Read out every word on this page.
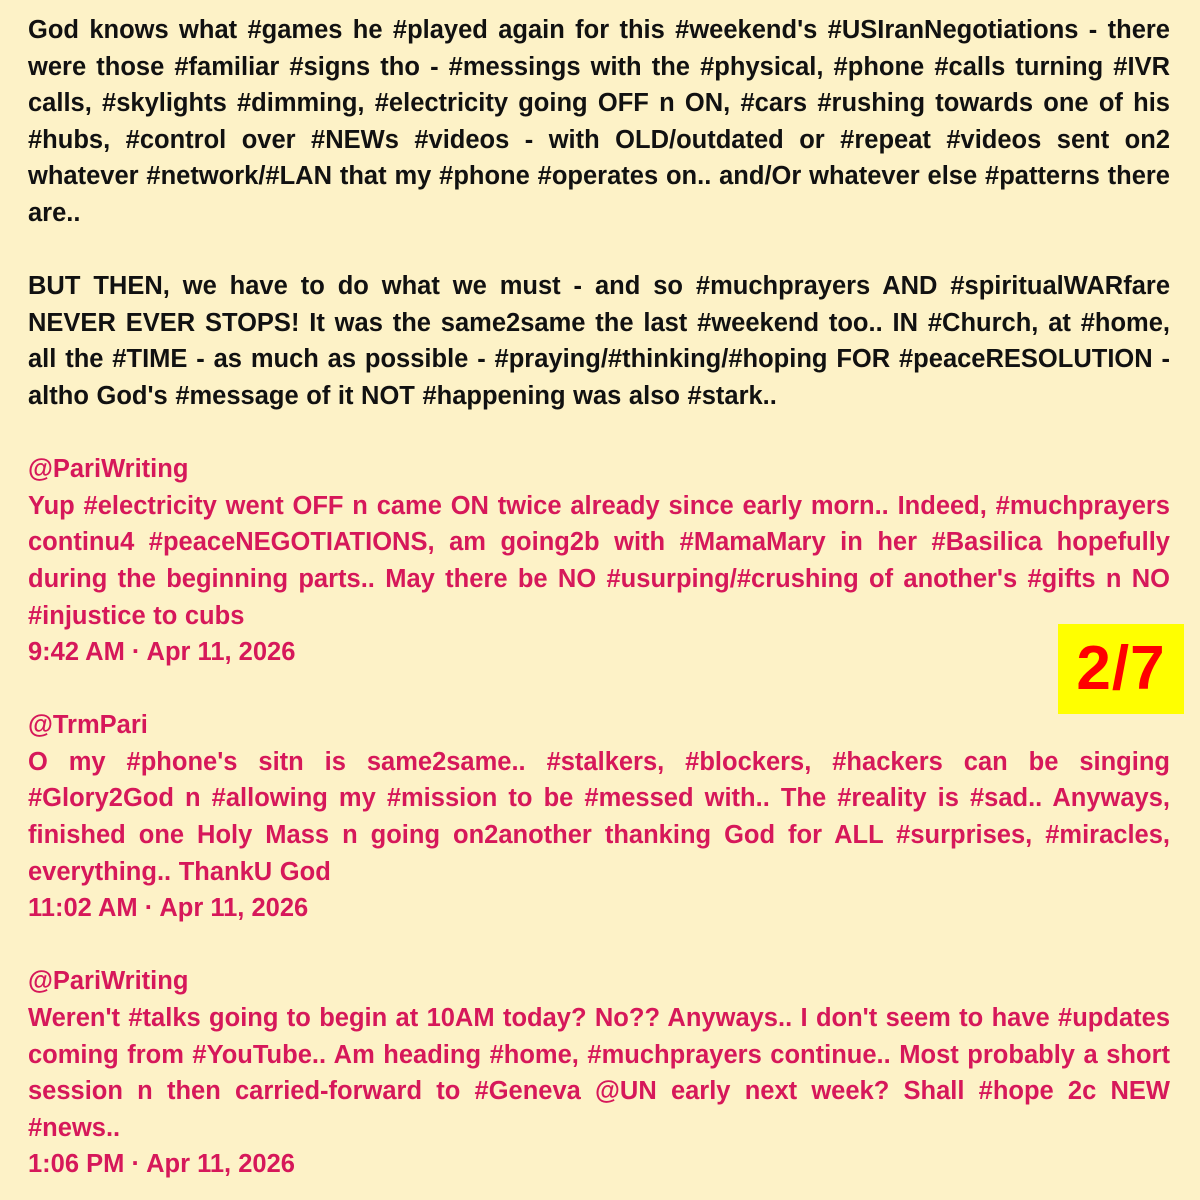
God knows what #games he #played again for this #weekend's #USIranNegotiations - there were those #familiar #signs tho - #messings with the #physical, #phone #calls turning #IVR calls, #skylights #dimming, #electricity going OFF n ON, #cars #rushing towards one of his #hubs, #control over #NEWs #videos - with OLD/outdated or #repeat #videos sent on2 whatever #network/#LAN that my #phone #operates on.. and/Or whatever else #patterns there are..

BUT THEN, we have to do what we must - and so #muchprayers AND #spiritualWARfare NEVER EVER STOPS! It was the same2same the last #weekend too.. IN #Church, at #home, all the #TIME - as much as possible - #praying/#thinking/#hoping FOR #peaceRESOLUTION - altho God's #message of it NOT #happening was also #stark..

@PariWriting

Yup #electricity went OFF n came ON twice already since early morn.. Indeed, #muchprayers continu4 #peaceNEGOTIATIONS, am going2b with #MamaMary in her #Basilica hopefully during the beginning parts.. May there be NO #usurping/#crushing of another's #gifts n NO #injustice to cubs

9:42 AM · Apr 11, 2026
@TrmPari

O my #phone's sitn is same2same.. #stalkers, #blockers, #hackers can be singing #Glory2God n #allowing my #mission to be #messed with.. The #reality is #sad.. Anyways, finished one Holy Mass n going on2another thanking God for ALL #surprises, #miracles, everything.. ThankU God

11:02 AM · Apr 11, 2026
@PariWriting

Weren't #talks going to begin at 10AM today? No?? Anyways.. I don't seem to have #updates coming from #YouTube.. Am heading #home, #muchprayers continue.. Most probably a short session n then carried-forward to #Geneva @UN early next week? Shall #hope 2c NEW #news..

1:06 PM · Apr 11, 2026
2/7
